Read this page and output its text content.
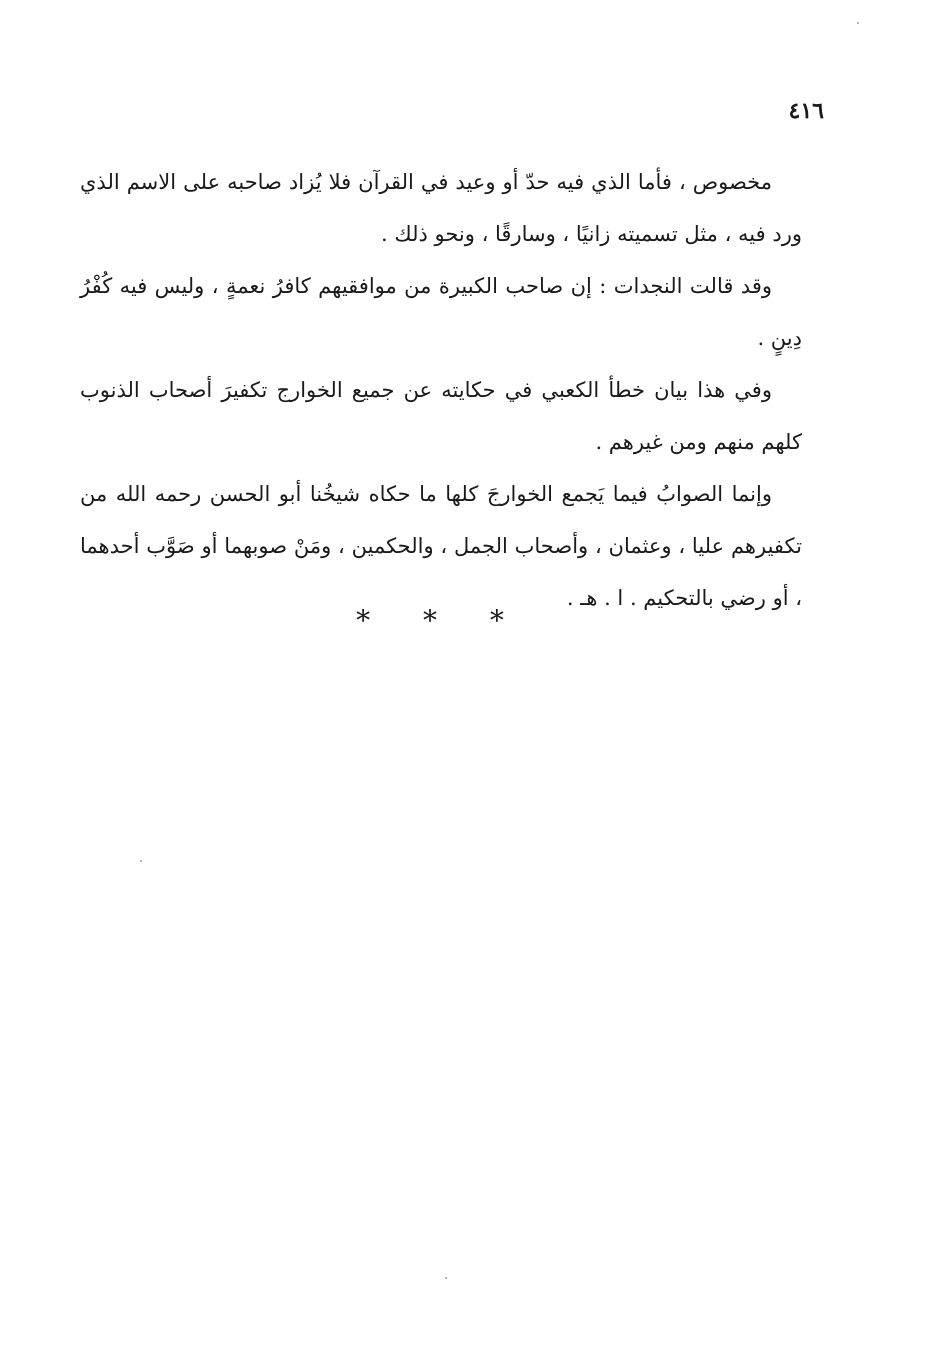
٤١٦

مخصوص ، فأما الذي فيه حدّ أو وعيد في القرآن فلا يُزاد صاحبه على الاسم الذي ورد فيه ، مثل تسميته زانيًا ، وسارقًا ، ونحو ذلك .

وقد قالت النجدات : إن صاحب الكبيرة من موافقيهم كافرُ نعمةٍ ، وليس فيه كُفْرُ دِينٍ .

وفي هذا بيان خطأ الكعبي في حكايته عن جميع الخوارج تكفيرَ أصحاب الذنوب كلهم منهم ومن غيرهم .

وإنما الصوابُ فيما يَجمع الخوارجَ كلها ما حكاه شيخُنا أبو الحسن رحمه الله من تكفيرهم عليا ، وعثمان ، وأصحاب الجمل ، والحكمين ، ومَنْ صوبهما أو صَوَّب أحدهما ، أو رضي بالتحكيم . ا . هـ .

* * *
